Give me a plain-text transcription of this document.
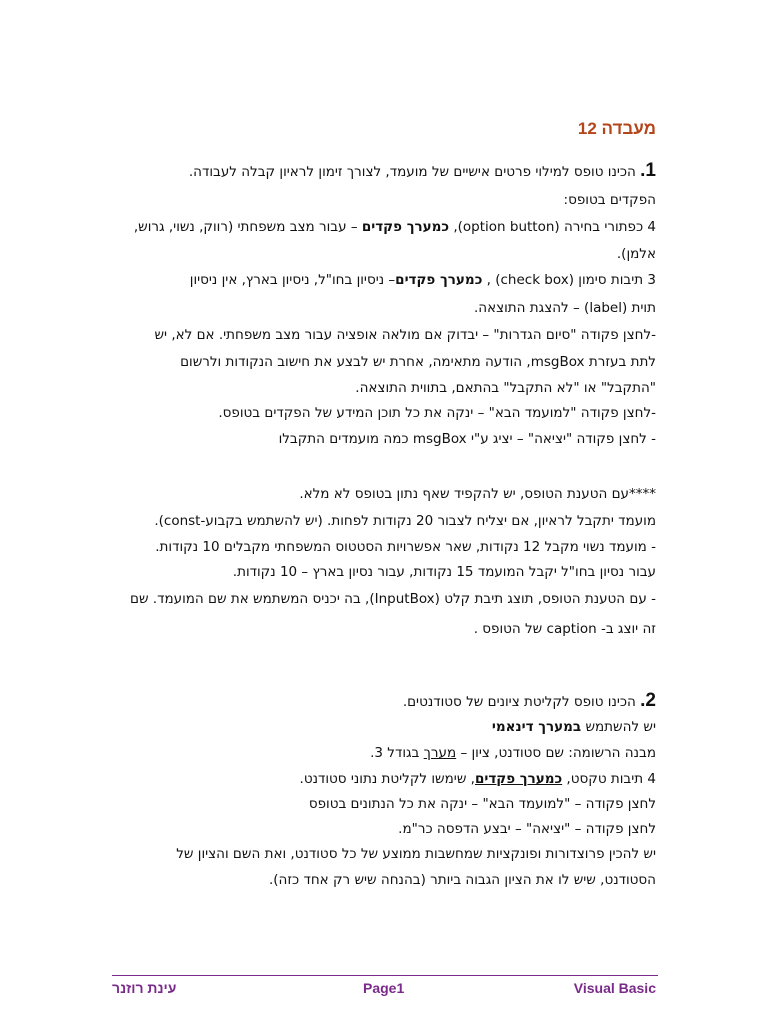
מעבדה 12
1. הכינו טופס למילוי פרטים אישיים של מועמד, לצורך זימון לראיון קבלה לעבודה.
הפקדים בטופס:
4 כפתורי בחירה (option button), כמערך פקדים – עבור מצב משפחתי (רווק, נשוי, גרוש,
אלמן).
3 תיבות סימון (check box) , כמערך פקדים– ניסיון בחו"ל, ניסיון בארץ, אין ניסיון
תוית (label) – להצגת התוצאה.
-לחצן פקודה "סיום הגדרות" – יבדוק אם מולאה אופציה עבור מצב משפחתי. אם לא, יש
לתת בעזרת msgBox, הודעה מתאימה, אחרת יש לבצע את חישוב הנקודות ולרשום
"התקבל" או "לא התקבל" בהתאם, בתווית התוצאה.
-לחצן פקודה "למועמד הבא" – ינקה את כל תוכן המידע של הפקדים בטופס.
- לחצן פקודה "יציאה" – יציג ע"י msgBox כמה מועמדים התקבלו
****עם הטענת הטופס, יש להקפיד שאף נתון בטופס לא מלא.
מועמד יתקבל לראיון, אם יצליח לצבור 20 נקודות לפחות. (יש להשתמש בקבוע-const).
- מועמד נשוי מקבל 12 נקודות, שאר אפשרויות הסטטוס המשפחתי מקבלים 10 נקודות.
עבור נסיון בחו"ל יקבל המועמד 15 נקודות, עבור נסיון בארץ – 10 נקודות.
- עם הטענת הטופס, תוצג תיבת קלט (InputBox), בה יכניס המשתמש את שם המועמד. שם
זה יוצג ב- caption של הטופס .
2. הכינו טופס לקליטת ציונים של סטודנטים.
יש להשתמש במערך דינאמי
מבנה הרשומה: שם סטודנט, ציון – מערך בגודל 3.
4 תיבות טקסט, כמערך פקדים, שימשו לקליטת נתוני סטודנט.
לחצן פקודה – "למועמד הבא" – ינקה את כל הנתונים בטופס
לחצן פקודה – "יציאה" – יבצע הדפסה כר"מ.
יש להכין פרוצדורות ופונקציות שמחשבות ממוצע של כל סטודנט, ואת השם והציון של
הסטודנט, שיש לו את הציון הגבוה ביותר (בהנחה שיש רק אחד כזה).
Visual Basic
Page1
עינת רוזנר
